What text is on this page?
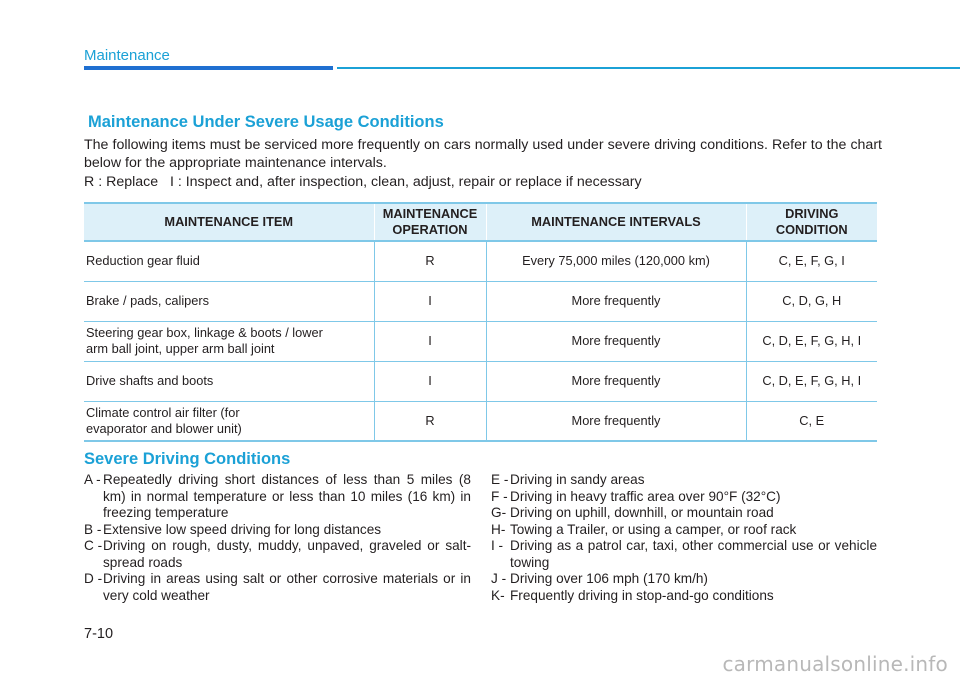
Maintenance
Maintenance Under Severe Usage Conditions

The following items must be serviced more frequently on cars normally used under severe driving conditions. Refer to the chart below for the appropriate maintenance intervals.

R : Replace   I : Inspect and, after inspection, clean, adjust, repair or replace if necessary

MAINTENANCE ITEM	MAINTENANCE OPERATION	MAINTENANCE INTERVALS	DRIVING CONDITION
Reduction gear fluid	R	Every 75,000 miles (120,000 km)	C, E, F, G, I
Brake / pads, calipers	I	More frequently	C, D, G, H
Steering gear box, linkage & boots / lower arm ball joint, upper arm ball joint	I	More frequently	C, D, E, F, G, H, I
Drive shafts and boots	I	More frequently	C, D, E, F, G, H, I
Climate control air filter (for evaporator and blower unit)	R	More frequently	C, E
Severe Driving Conditions
A - Repeatedly driving short distances of less than 5 miles (8 km) in normal temperature or less than 10 miles (16 km) in freezing temperature
B - Extensive low speed driving for long distances
C - Driving on rough, dusty, muddy, unpaved, graveled or salt-spread roads
D - Driving in areas using salt or other corrosive materials or in very cold weather
E - Driving in sandy areas
F - Driving in heavy traffic area over 90°F (32°C)
G- Driving on uphill, downhill, or mountain road
H- Towing a Trailer, or using a camper, or roof rack
I - Driving as a patrol car, taxi, other commercial use or vehicle towing
J - Driving over 106 mph (170 km/h)
K- Frequently driving in stop-and-go conditions
7-10
carmanualsonline.info
